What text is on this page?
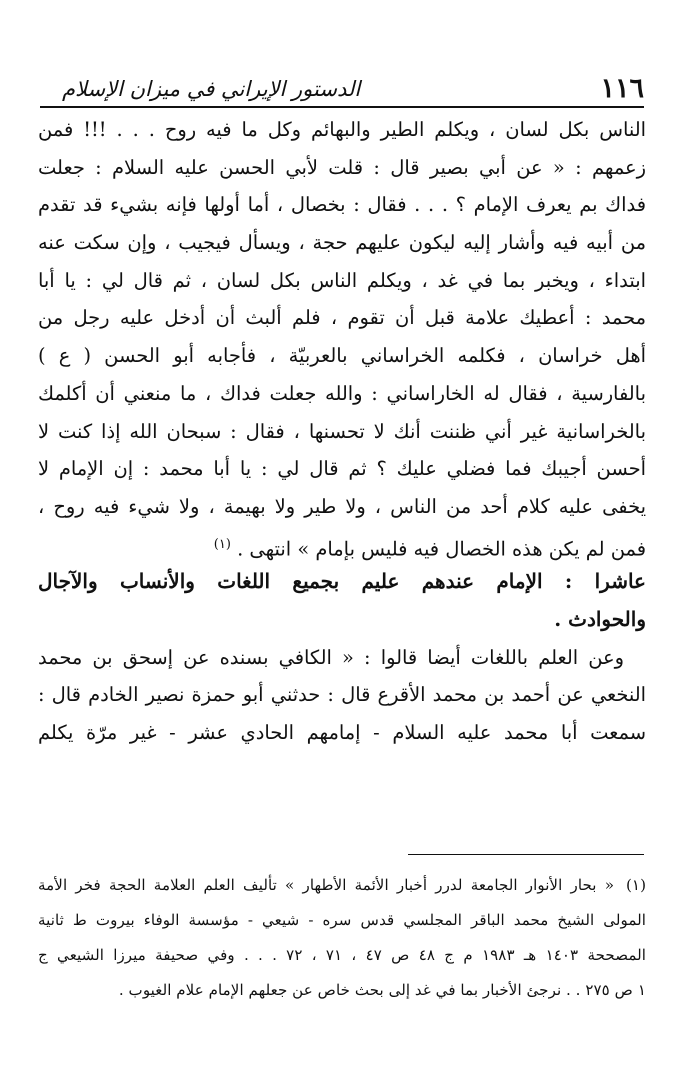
١١٦
الدستور الإيراني في ميزان الإسلام
الناس بكل لسان ، ويكلم الطير والبهائم وكل ما فيه روح . . . !!! فمن
زعمهم : « عن أبي بصير قال : قلت لأبي الحسن عليه السلام : جعلت
فداك بم يعرف الإمام ؟ . . . فقال : بخصال ، أما أولها فإنه بشيء قد تقدم
من أبيه فيه وأشار إليه ليكون عليهم حجة ، ويسأل فيجيب ، وإن سكت عنه
ابتداء ، ويخبر بما في غد ، ويكلم الناس بكل لسان ، ثم قال لي : يا أبا
محمد : أعطيك علامة قبل أن تقوم ، فلم ألبث أن أدخل عليه رجل من
أهل خراسان ، فكلمه الخراساني بالعربيّة ، فأجابه أبو الحسن ( ع )
بالفارسية ، فقال له الخاراساني : والله جعلت فداك ، ما منعني أن أكلمك
بالخراسانية غير أني ظننت أنك لا تحسنها ، فقال : سبحان الله إذا كنت لا
أحسن أجيبك فما فضلي عليك ؟ ثم قال لي : يا أبا محمد : إن الإمام لا
يخفى عليه كلام أحد من الناس ، ولا طير ولا بهيمة ، ولا شيء فيه روح ،
فمن لم يكن هذه الخصال فيه فليس بإمام » انتهى . $^{(١)}$
عاشرا : الإمام عندهم عليم بجميع اللغات والأنساب والآجال
والحوادث .
وعن العلم باللغات أيضا قالوا : « الكافي بسنده عن إسحق بن محمد
النخعي عن أحمد بن محمد الأقرع قال : حدثني أبو حمزة نصير الخادم قال :
سمعت أبا محمد عليه السلام - إمامهم الحادي عشر - غير مرّة يكلم
(١)« بحار الأنوار الجامعة لدرر أخبار الأئمة الأطهار » تأليف العلم العلامة الحجة فخر الأمة
المولى الشيخ محمد الباقر المجلسي قدس سره - شيعي - مؤسسة الوفاء بيروت ط ثانية
المصححة ١٤٠٣ هـ ١٩٨٣ م ج ٤٨ ص ٤٧ ، ٧١ ، ٧٢ . . . وفي صحيفة ميرزا الشيعي ج
١ ص ٢٧٥ . . نرجئ الأخبار بما في غد إلى بحث خاص عن جعلهم الإمام علام الغيوب .
